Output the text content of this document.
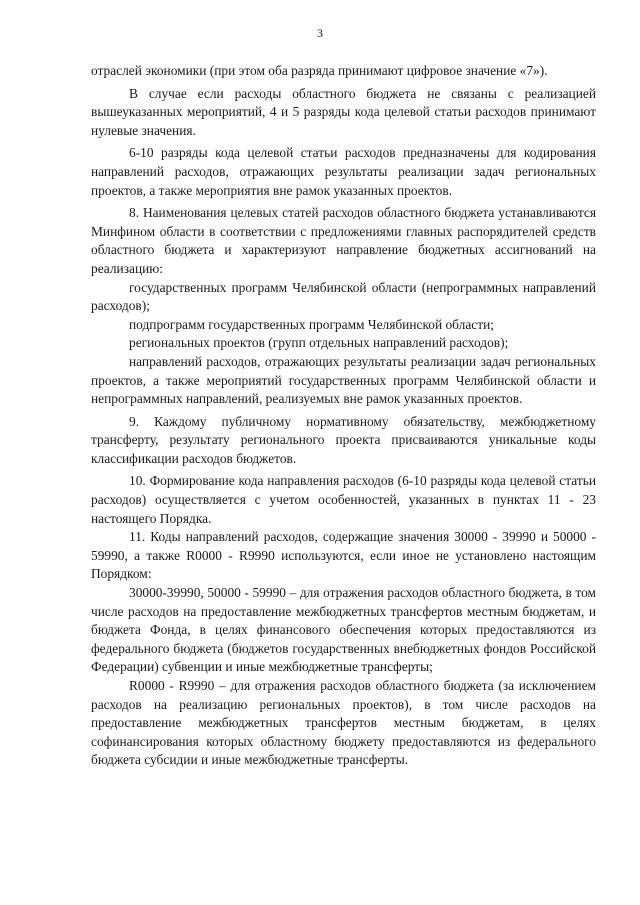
3

отраслей экономики (при этом оба разряда принимают цифровое значение «7»).

В случае если расходы областного бюджета не связаны с реализацией вышеуказанных мероприятий, 4 и 5 разряды кода целевой статьи расходов принимают нулевые значения.

6-10 разряды кода целевой статьи расходов предназначены для кодирования направлений расходов, отражающих результаты реализации задач региональных проектов, а также мероприятия вне рамок указанных проектов.

8. Наименования целевых статей расходов областного бюджета устанавливаются Минфином области в соответствии с предложениями главных распорядителей средств областного бюджета и характеризуют направление бюджетных ассигнований на реализацию:

государственных программ Челябинской области (непрограммных направлений расходов);

подпрограмм государственных программ Челябинской области;

региональных проектов (групп отдельных направлений расходов);

направлений расходов, отражающих результаты реализации задач региональных проектов, а также мероприятий государственных программ Челябинской области и непрограммных направлений, реализуемых вне рамок указанных проектов.

9. Каждому публичному нормативному обязательству, межбюджетному трансферту, результату регионального проекта присваиваются уникальные коды классификации расходов бюджетов.

10. Формирование кода направления расходов (6-10 разряды кода целевой статьи расходов) осуществляется с учетом особенностей, указанных в пунктах 11 - 23 настоящего Порядка.

11. Коды направлений расходов, содержащие значения 30000 - 39990 и 50000 - 59990, а также R0000 - R9990 используются, если иное не установлено настоящим Порядком:

30000-39990, 50000 - 59990 – для отражения расходов областного бюджета, в том числе расходов на предоставление межбюджетных трансфертов местным бюджетам, и бюджета Фонда, в целях финансового обеспечения которых предоставляются из федерального бюджета (бюджетов государственных внебюджетных фондов Российской Федерации) субвенции и иные межбюджетные трансферты;

R0000 - R9990 – для отражения расходов областного бюджета (за исключением расходов на реализацию региональных проектов), в том числе расходов на предоставление межбюджетных трансфертов местным бюджетам, в целях софинансирования которых областному бюджету предоставляются из федерального бюджета субсидии и иные межбюджетные трансферты.
